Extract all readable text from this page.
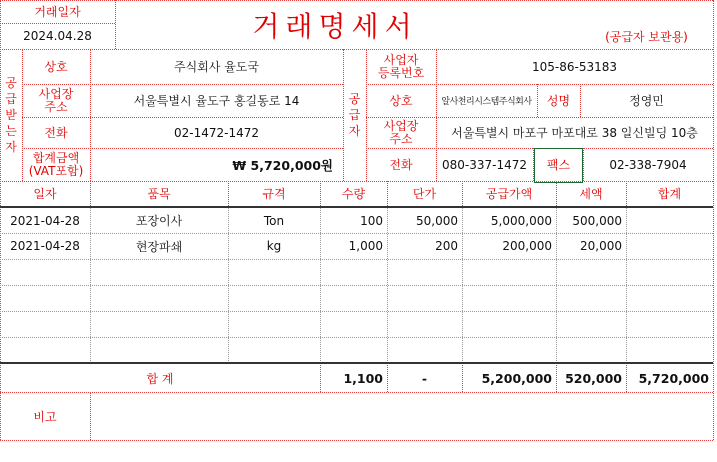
거래일자
2024.04.28	거래명세서	(공급자 보관용)
공
급
받
는
자
상호	주식회사 율도국
사업장
주소	서울특별시 율도구 홍길동로 14
전화	02-1472-1472
합계금액
(VAT포함)	₩ 5,720,000원
공
급
자
사업자
등록번호	105-86-53183
상호	알사천리시스템주식회사	성명	정영민
사업장
주소	서울특별시 마포구 마포대로 38 일신빌딩 10층
전화	080-337-1472	팩스	02-338-7904
일자	품목	규격	수량	단가	공급가액	세액	합계
2021-04-28	포장이사	Ton	100	50,000	5,000,000	500,000
2021-04-28	현장파쇄	kg	1,000	200	200,000	20,000
합 계	1,100	-	5,200,000	520,000	5,720,000
비고
